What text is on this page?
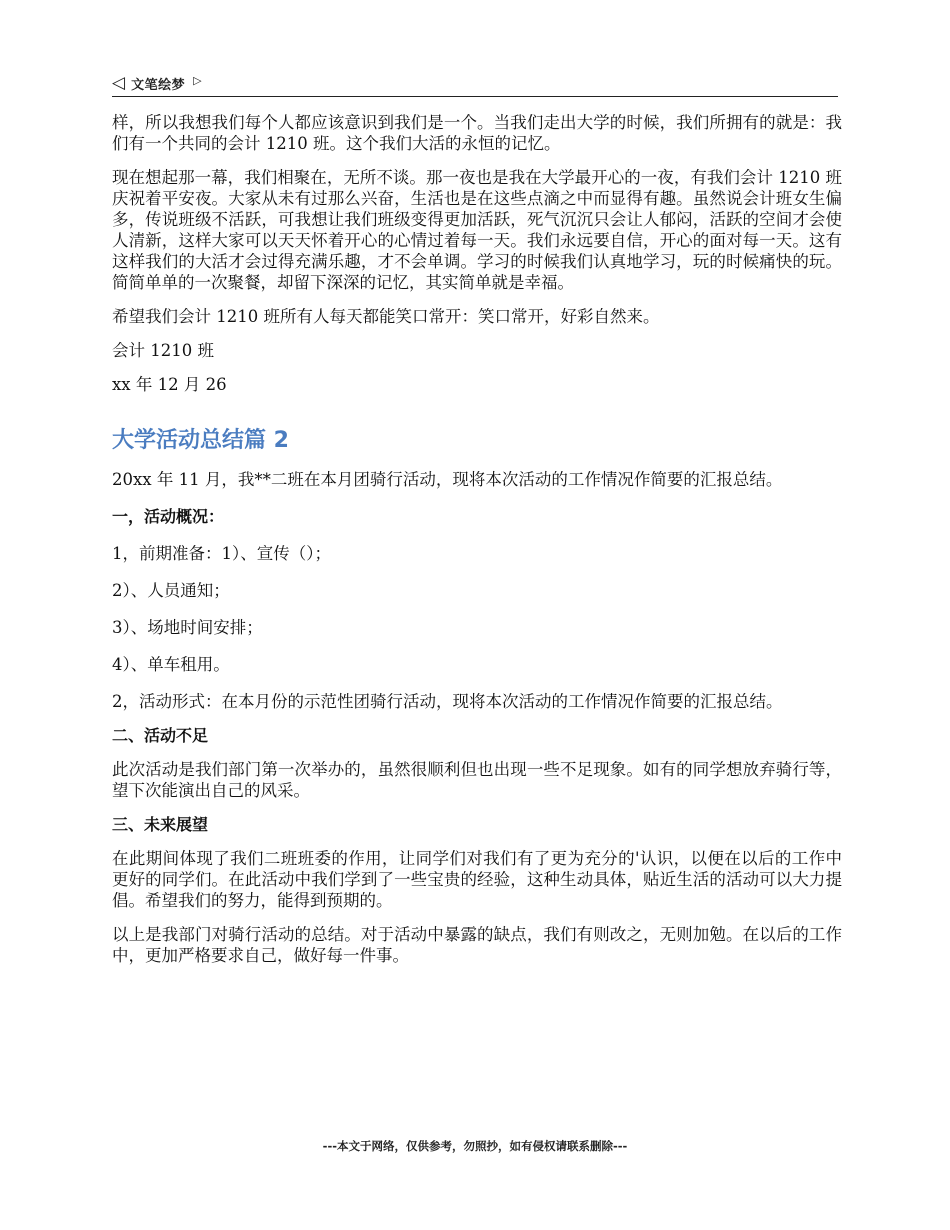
◁ 文笔绘梦 ▷

样，所以我想我们每个人都应该意识到我们是一个。当我们走出大学的时候，我们所拥有的就是：我们有一个共同的会计 1210 班。这个我们大活的永恒的记忆。

现在想起那一幕，我们相聚在，无所不谈。那一夜也是我在大学最开心的一夜，有我们会计 1210 班庆祝着平安夜。大家从未有过那么兴奋，生活也是在这些点滴之中而显得有趣。虽然说会计班女生偏多，传说班级不活跃，可我想让我们班级变得更加活跃，死气沉沉只会让人郁闷，活跃的空间才会使人清新，这样大家可以天天怀着开心的心情过着每一天。我们永远要自信，开心的面对每一天。这有这样我们的大活才会过得充满乐趣，才不会单调。学习的时候我们认真地学习，玩的时候痛快的玩。简简单单的一次聚餐，却留下深深的记忆，其实简单就是幸福。

希望我们会计 1210 班所有人每天都能笑口常开：笑口常开，好彩自然来。

会计 1210 班

xx 年 12 月 26

大学活动总结篇 2

20xx 年 11 月，我**二班在本月团骑行活动，现将本次活动的工作情况作简要的汇报总结。

一，活动概况：

1，前期准备：1）、宣传（）；

2）、人员通知；

3）、场地时间安排；

4）、单车租用。

2，活动形式：在本月份的示范性团骑行活动，现将本次活动的工作情况作简要的汇报总结。

二、活动不足

此次活动是我们部门第一次举办的，虽然很顺利但也出现一些不足现象。如有的同学想放弃骑行等，望下次能演出自己的风采。

三、未来展望

在此期间体现了我们二班班委的作用，让同学们对我们有了更为充分的'认识，以便在以后的工作中更好的同学们。在此活动中我们学到了一些宝贵的经验，这种生动具体，贴近生活的活动可以大力提倡。希望我们的努力，能得到预期的。

以上是我部门对骑行活动的总结。对于活动中暴露的缺点，我们有则改之，无则加勉。在以后的工作中，更加严格要求自己，做好每一件事。

---本文于网络，仅供参考，勿照抄，如有侵权请联系删除---
